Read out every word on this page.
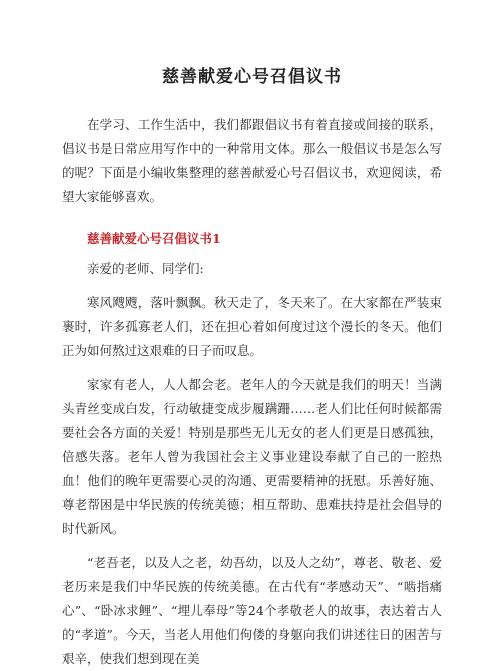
慈善献爱心号召倡议书

在学习、工作生活中，我们都跟倡议书有着直接或间接的联系，倡议书是日常应用写作中的一种常用文体。那么一般倡议书是怎么写的呢？下面是小编收集整理的慈善献爱心号召倡议书，欢迎阅读，希望大家能够喜欢。

慈善献爱心号召倡议书1

亲爱的老师、同学们:

寒风飕飕，落叶飘飘。秋天走了，冬天来了。在大家都在严装束裹时，许多孤寡老人们，还在担心着如何度过这个漫长的冬天。他们正为如何熬过这艰难的日子而叹息。

家家有老人，人人都会老。老年人的今天就是我们的明天！当满头青丝变成白发，行动敏捷变成步履蹒跚……老人们比任何时候都需要社会各方面的关爱！特别是那些无儿无女的老人们更是日感孤独，倍感失落。老年人曾为我国社会主义事业建设奉献了自己的一腔热血！他们的晚年更需要心灵的沟通、更需要精神的抚慰。乐善好施、尊老帮困是中华民族的传统美德；相互帮助、患难扶持是社会倡导的时代新风。

“老吾老，以及人之老，幼吾幼，以及人之幼”，尊老、敬老、爱老历来是我们中华民族的传统美德。在古代有“孝感动天”、“啮指痛心”、“卧冰求鲤”、“埋儿奉母”等24个孝敬老人的故事，表达着古人的“孝道”。今天，当老人用他们佝偻的身躯向我们讲述往日的困苦与艰辛，使我们想到现在美
